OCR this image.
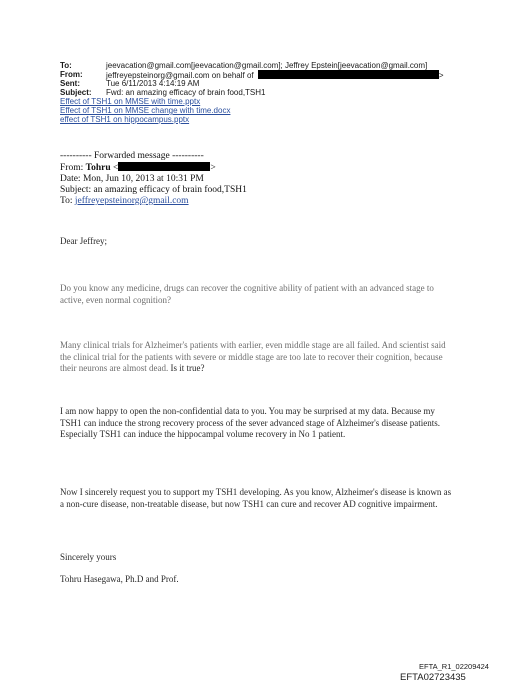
To:	jeevacation@gmail.com[jeevacation@gmail.com]; Jeffrey Epstein[jeevacation@gmail.com]
From:	jeffreyepsteinorg@gmail.com on behalf of	>
Sent:	Tue 6/11/2013 4:14:19 AM
Subject: Fwd: an amazing efficacy of brain food,TSH1
Effect of TSH1 on MMSE with time.pptx
Effect of TSH1 on MMSE change with time.docx
effect of TSH1 on hippocampus.pptx
---------- Forwarded message ----------
From: Tohru <	>
Date: Mon, Jun 10, 2013 at 10:31 PM
Subject: an amazing efficacy of brain food,TSH1
To: jeffreyepsteinorg@gmail.com
Dear Jeffrey;
Do you know any medicine, drugs can recover the cognitive ability of patient with an advanced stage to active, even normal cognition?
Many clinical trials for Alzheimer's patients with earlier, even middle stage are all failed. And scientist said the clinical trial for the patients with severe or middle stage are too late to recover their cognition, because their neurons are almost dead. Is it true?
I am now happy to open the non-confidential data to you. You may be surprised at my data. Because my TSH1 can induce the strong recovery process of the sever advanced stage of Alzheimer's disease patients. Especially TSH1 can induce the hippocampal volume recovery in No 1 patient.
Now I sincerely request you to support my TSH1 developing. As you know, Alzheimer's disease is known as a non-cure disease, non-treatable disease, but now TSH1 can cure and recover AD cognitive impairment.
Sincerely yours
Tohru Hasegawa, Ph.D and Prof.
EFTA_R1_02209424
EFTA02723435
